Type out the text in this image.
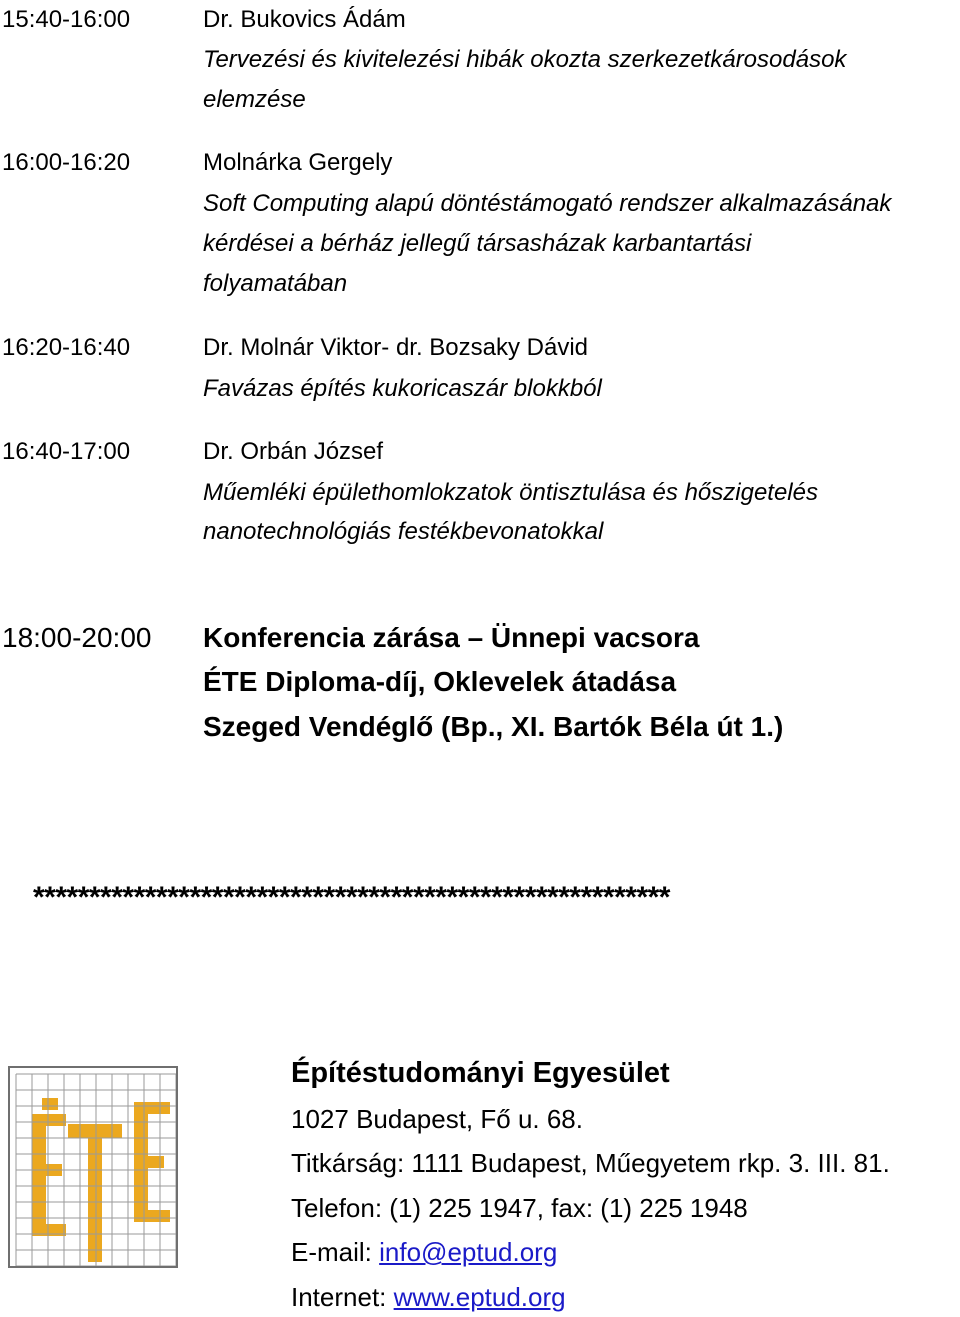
15:40-16:00	Dr. Bukovics Ádám
Tervezési és kivitelezési hibák okozta szerkezetkárosodások
elemzése
16:00-16:20	Molnárka Gergely
Soft Computing alapú döntéstámogató rendszer alkalmazásának
kérdései a bérház jellegű társasházak karbantartási
folyamatában
16:20-16:40	Dr. Molnár Viktor- dr. Bozsaky Dávid
Favázas építés kukoricaszár blokkból
16:40-17:00	Dr. Orbán József
Műemléki épülethomlokzatok öntisztulása és hőszigetelés
nanotechnológiás festékbevonatokkal
18:00-20:00 Konferencia zárása – Ünnepi vacsora
ÉTE Diploma-díj, Oklevelek átadása
Szeged Vendéglő (Bp., XI. Bartók Béla út 1.)
*********************************************************
Építéstudományi Egyesület
1027 Budapest, Fő u. 68.
Titkárság: 1111 Budapest, Műegyetem rkp. 3. III. 81.
Telefon: (1) 225 1947, fax: (1) 225 1948
E-mail: info@eptud.org
Internet: www.eptud.org
